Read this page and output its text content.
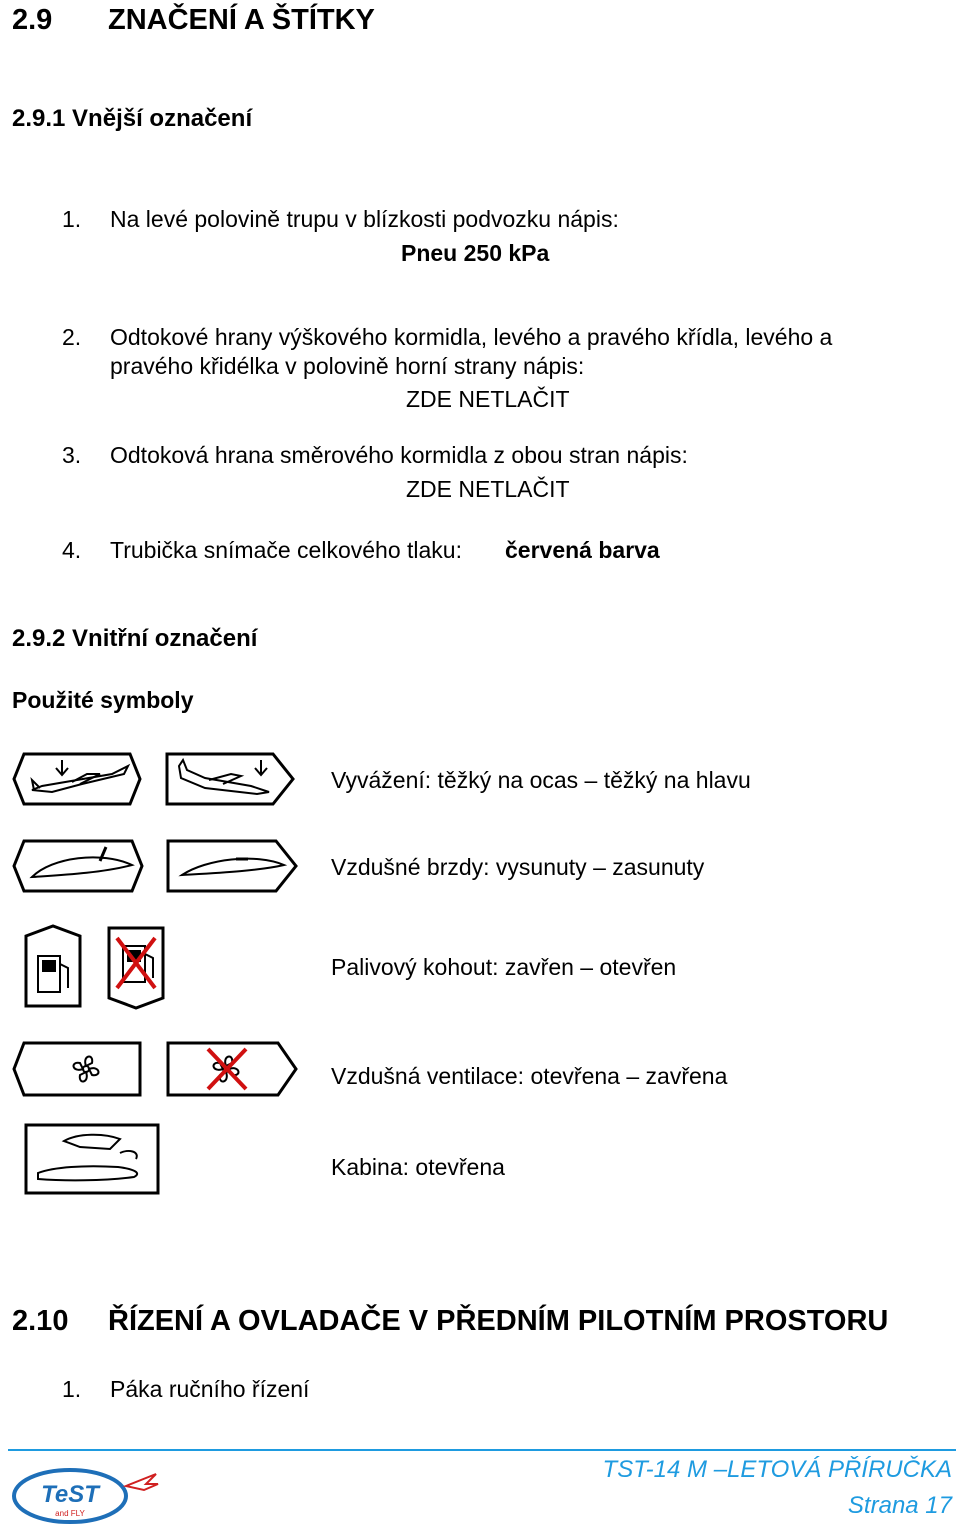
2.9 ZNAČENÍ A ŠTÍTKY
2.9.1 Vnější označení
1. Na levé polovině trupu v blízkosti podvozku nápis:
Pneu 250 kPa
2. Odtokové hrany výškového kormidla, levého a pravého křídla, levého a
pravého křidélka v polovině horní strany nápis:
ZDE NETLAČIT
3. Odtoková hrana směrového kormidla z obou stran nápis:
ZDE NETLAČIT
4. Trubička snímače celkového tlaku: červená barva
2.9.2 Vnitřní označení
Použité symboly
Vyvážení: těžký na ocas – těžký na hlavu
Vzdušné brzdy: vysunuty – zasunuty
Palivový kohout: zavřen – otevřen
Vzdušná ventilace: otevřena – zavřena
Kabina: otevřena
2.10 ŘÍZENÍ A OVLADAČE V PŘEDNÍM PILOTNÍM PROSTORU
1. Páka ručního řízení
TeST
and FLY
TST-14 M –LETOVÁ PŘÍRUČKA
Strana 17
